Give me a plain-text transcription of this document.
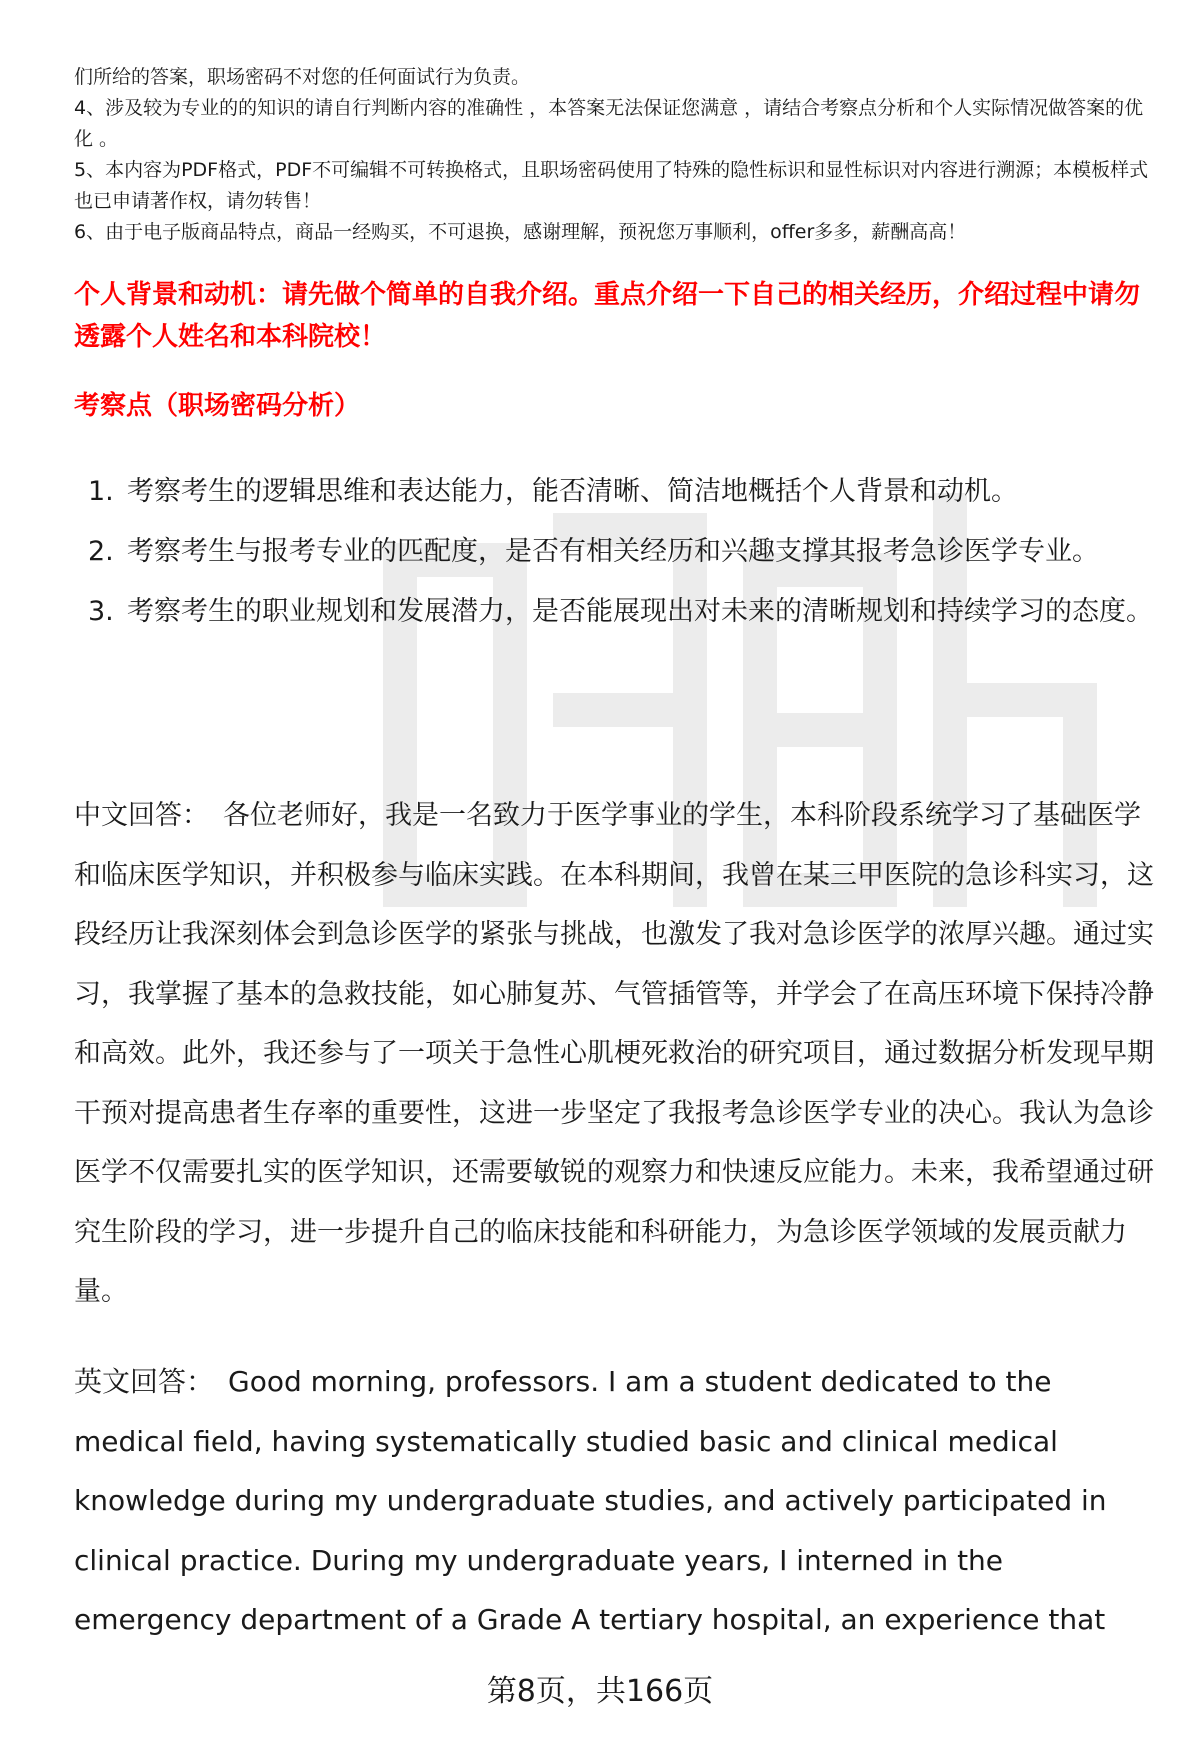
们所给的答案，职场密码不对您的任何面试行为负责。

4、涉及较为专业的的知识的请自行判断内容的准确性 ，本答案无法保证您满意 ，请结合考察点分析和个人实际情况做答案的优化 。

5、本内容为PDF格式，PDF不可编辑不可转换格式，且职场密码使用了特殊的隐性标识和显性标识对内容进行溯源；本模板样式也已申请著作权，请勿转售！

6、由于电子版商品特点，商品一经购买，不可退换，感谢理解，预祝您万事顺利，offer多多，薪酬高高！

个人背景和动机：请先做个简单的自我介绍。重点介绍一下自己的相关经历，介绍过程中请勿透露个人姓名和本科院校！

考察点（职场密码分析）

1. 考察考生的逻辑思维和表达能力，能否清晰、简洁地概括个人背景和动机。
2. 考察考生与报考专业的匹配度，是否有相关经历和兴趣支撑其报考急诊医学专业。
3. 考察考生的职业规划和发展潜力，是否能展现出对未来的清晰规划和持续学习的态度。

中文回答： 各位老师好，我是一名致力于医学事业的学生，本科阶段系统学习了基础医学和临床医学知识，并积极参与临床实践。在本科期间，我曾在某三甲医院的急诊科实习，这段经历让我深刻体会到急诊医学的紧张与挑战，也激发了我对急诊医学的浓厚兴趣。通过实习，我掌握了基本的急救技能，如心肺复苏、气管插管等，并学会了在高压环境下保持冷静和高效。此外，我还参与了一项关于急性心肌梗死救治的研究项目，通过数据分析发现早期干预对提高患者生存率的重要性，这进一步坚定了我报考急诊医学专业的决心。我认为急诊医学不仅需要扎实的医学知识，还需要敏锐的观察力和快速反应能力。未来，我希望通过研究生阶段的学习，进一步提升自己的临床技能和科研能力，为急诊医学领域的发展贡献力量。

英文回答： Good morning, professors. I am a student dedicated to the medical field, having systematically studied basic and clinical medical knowledge during my undergraduate studies, and actively participated in clinical practice. During my undergraduate years, I interned in the emergency department of a Grade A tertiary hospital, an experience that

第8页，共166页
